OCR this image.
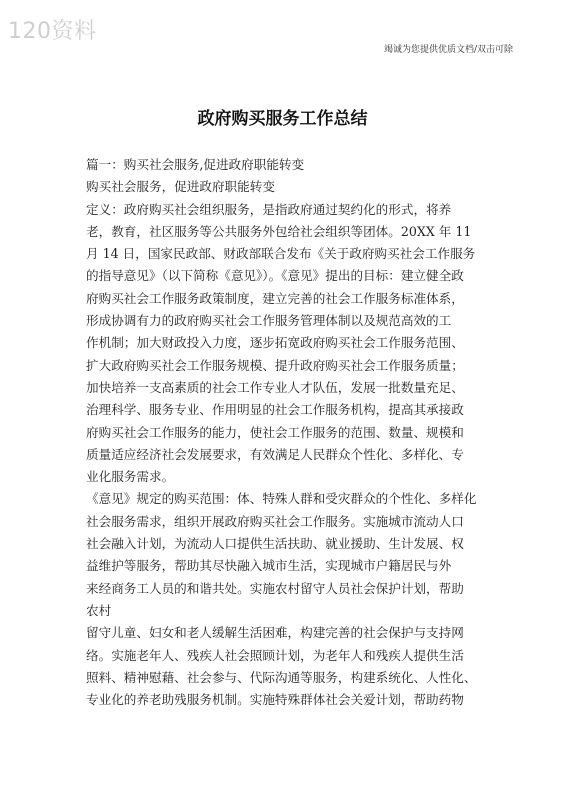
120资料
竭诚为您提供优质文档/双击可除
政府购买服务工作总结
篇一：购买社会服务,促进政府职能转变
购买社会服务，促进政府职能转变
定义：政府购买社会组织服务，是指政府通过契约化的形式，将养
老，教育，社区服务等公共服务外包给社会组织等团体。20XX 年 11
月 14 日，国家民政部、财政部联合发布《关于政府购买社会工作服务
的指导意见》（以下简称《意见》）。《意见》提出的目标：建立健全政
府购买社会工作服务政策制度，建立完善的社会工作服务标准体系，
形成协调有力的政府购买社会工作服务管理体制以及规范高效的工
作机制；加大财政投入力度，逐步拓宽政府购买社会工作服务范围、
扩大政府购买社会工作服务规模、提升政府购买社会工作服务质量；
加快培养一支高素质的社会工作专业人才队伍，发展一批数量充足、
治理科学、服务专业、作用明显的社会工作服务机构，提高其承接政
府购买社会工作服务的能力，使社会工作服务的范围、数量、规模和
质量适应经济社会发展要求，有效满足人民群众个性化、多样化、专
业化服务需求。
《意见》规定的购买范围：体、特殊人群和受灾群众的个性化、多样化
社会服务需求，组织开展政府购买社会工作服务。实施城市流动人口
社会融入计划，为流动人口提供生活扶助、就业援助、生计发展、权
益维护等服务，帮助其尽快融入城市生活，实现城市户籍居民与外
来经商务工人员的和谐共处。实施农村留守人员社会保护计划，帮助
农村
留守儿童、妇女和老人缓解生活困难，构建完善的社会保护与支持网
络。实施老年人、残疾人社会照顾计划，为老年人和残疾人提供生活
照料、精神慰藉、社会参与、代际沟通等服务，构建系统化、人性化、
专业化的养老助残服务机制。实施特殊群体社会关爱计划，帮助药物
